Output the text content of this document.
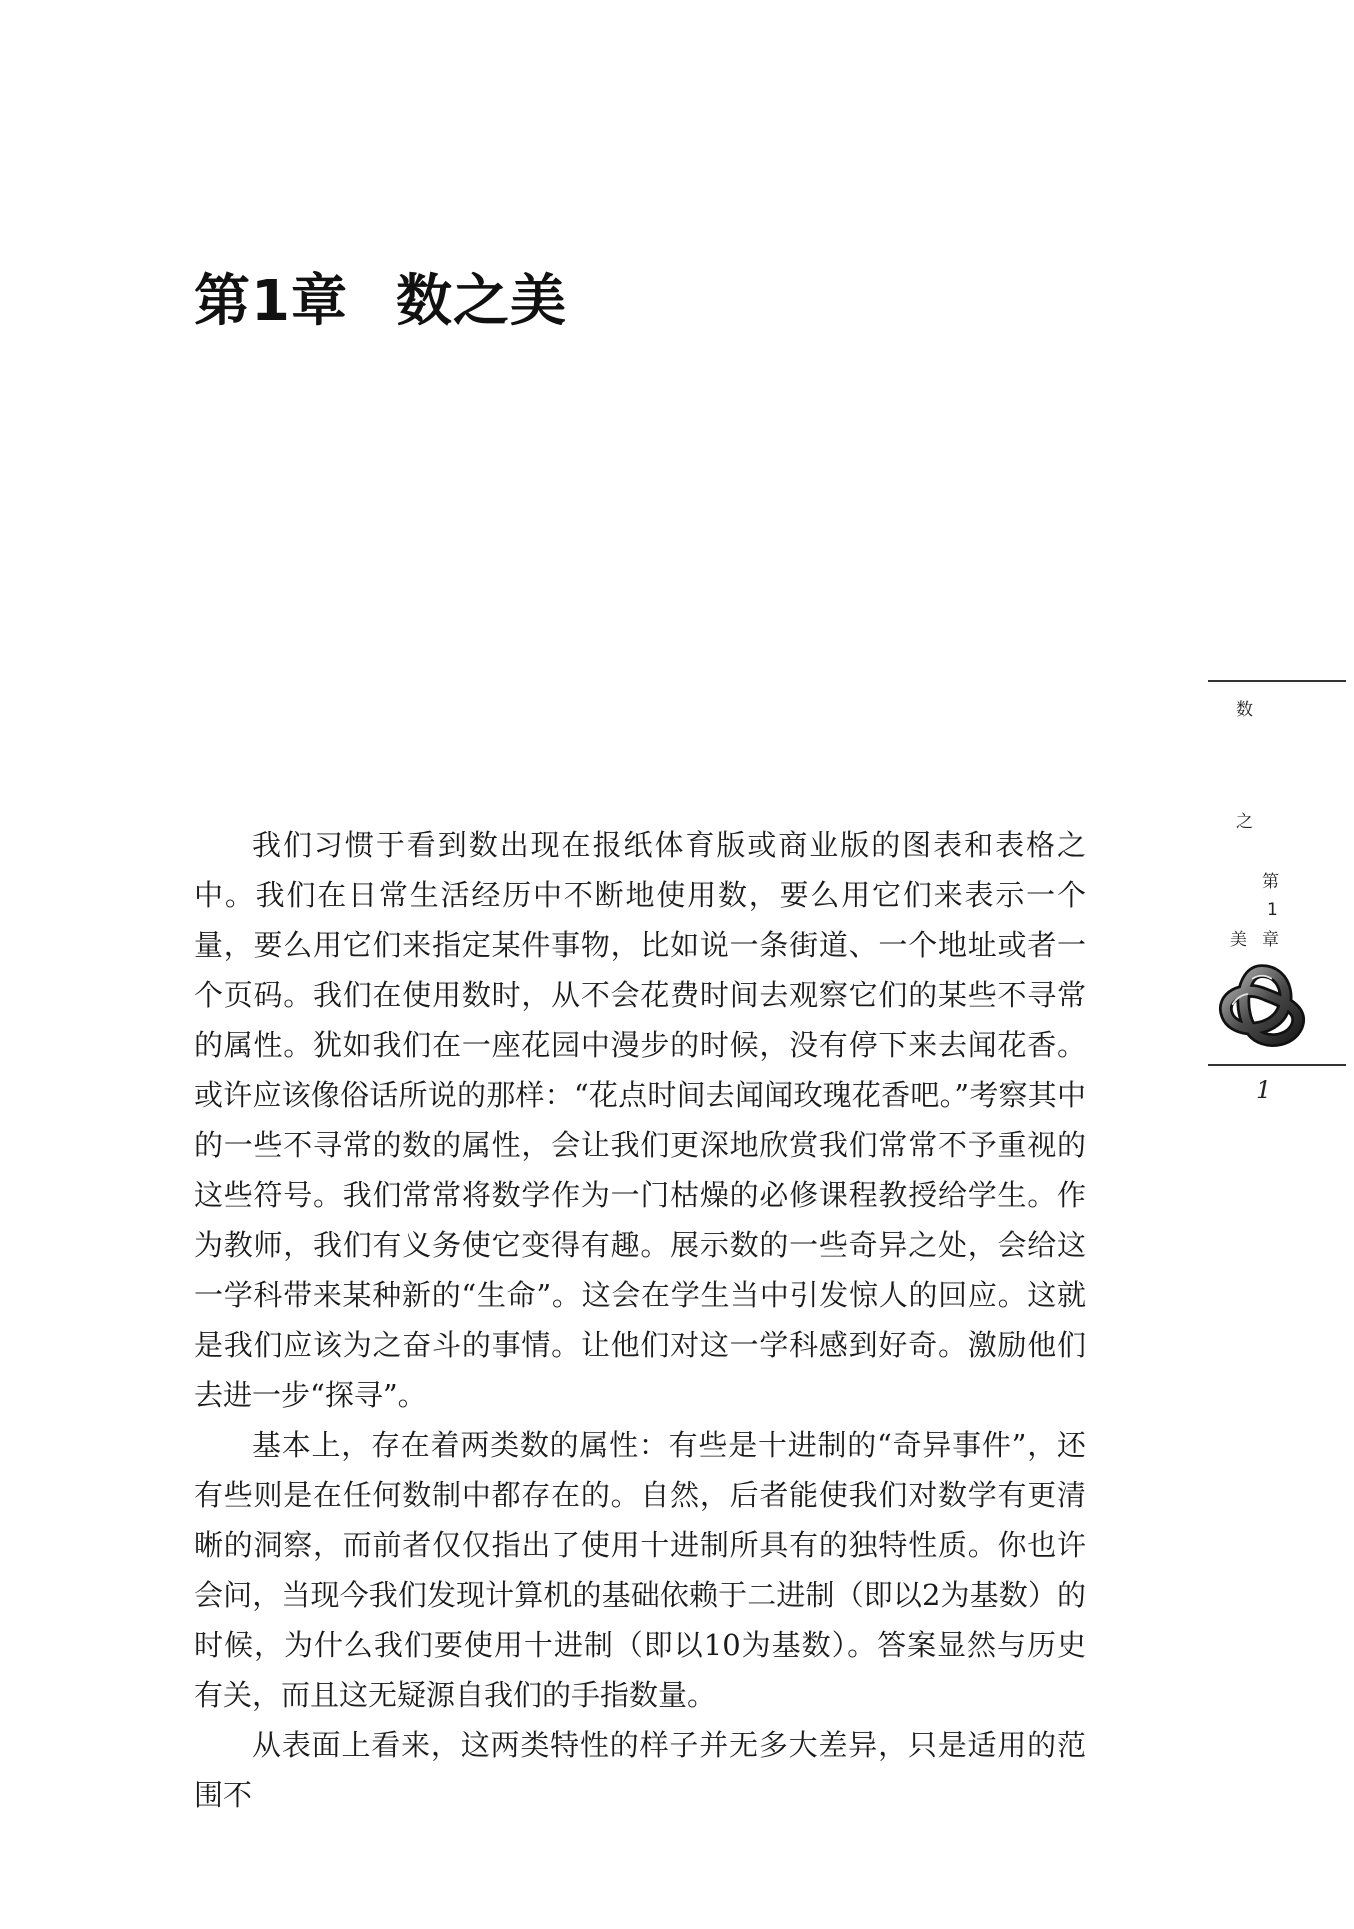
第1章 数之美

我们习惯于看到数出现在报纸体育版或商业版的图表和表格之中。我们在日常生活经历中不断地使用数，要么用它们来表示一个量，要么用它们来指定某件事物，比如说一条街道、一个地址或者一个页码。我们在使用数时，从不会花费时间去观察它们的某些不寻常的属性。犹如我们在一座花园中漫步的时候，没有停下来去闻花香。或许应该像俗话所说的那样：“花点时间去闻闻玫瑰花香吧。”考察其中的一些不寻常的数的属性，会让我们更深地欣赏我们常常不予重视的这些符号。我们常常将数学作为一门枯燥的必修课程教授给学生。作为教师，我们有义务使它变得有趣。展示数的一些奇异之处，会给这一学科带来某种新的“生命”。这会在学生当中引发惊人的回应。这就是我们应该为之奋斗的事情。让他们对这一学科感到好奇。激励他们去进一步“探寻”。

基本上，存在着两类数的属性：有些是十进制的“奇异事件”，还有些则是在任何数制中都存在的。自然，后者能使我们对数学有更清晰的洞察，而前者仅仅指出了使用十进制所具有的独特性质。你也许会问，当现今我们发现计算机的基础依赖于二进制（即以2为基数）的时候，为什么我们要使用十进制（即以10为基数）。答案显然与历史有关，而且这无疑源自我们的手指数量。

从表面上看来，这两类特性的样子并无多大差异，只是适用的范围不

数
之
美
第
1
章
1
